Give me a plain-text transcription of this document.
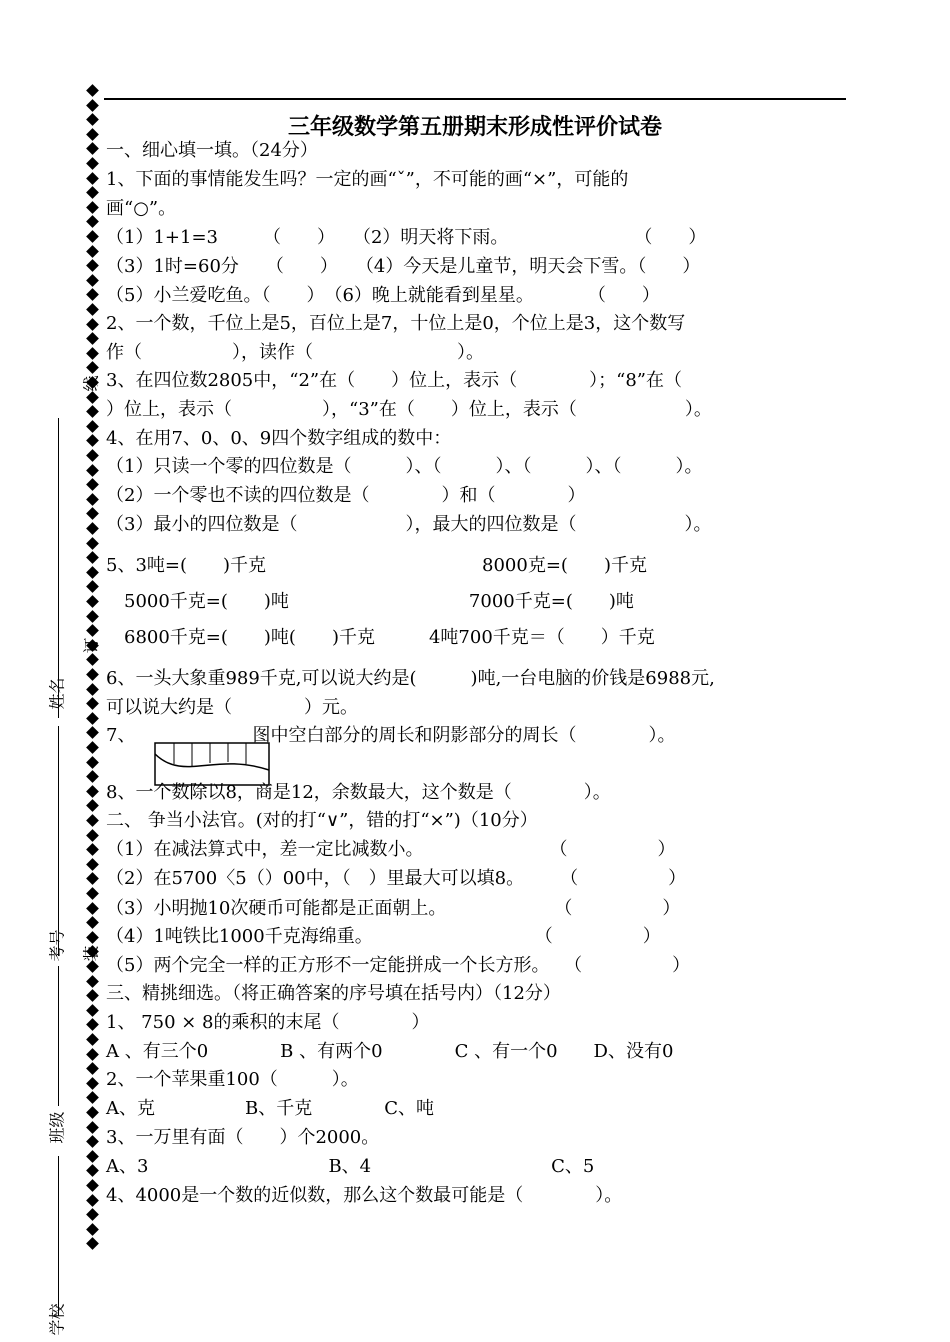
三年级数学第五册期末形成性评价试卷
线
订
装
姓名
考号
班级
学校
一、细心填一填。（24分）
1、下面的事情能发生吗？一定的画“ˇ”，不可能的画“×”，可能的
画“○”。
（1）1+1=3　　　（　　）　　（2）明天将下雨。　　　　　　　　（　　）
（3）1时=60分　　（　　）　　（4）今天是儿童节，明天会下雪。（　　）
（5）小兰爱吃鱼。（　　）　（6）晚上就能看到星星。　　　　（　　）
2、一个数，千位上是5，百位上是7，十位上是0，个位上是3，这个数写
作（　　　　　），读作（　　　　　　　　）。
3、在四位数2805中，“2”在（　　）位上，表示（　　　　）；“8”在（
）位上，表示（　　　　　），“3”在（　　）位上，表示（　　　　　　）。
4、在用7、0、0、9四个数字组成的数中：
（1）只读一个零的四位数是（　　　）、（　　　）、（　　　）、（　　　）。
（2）一个零也不读的四位数是（　　　　）和（　　　　）
（3）最小的四位数是（　　　　　　），最大的四位数是（　　　　　　）。
5、3吨=(　　)千克　　　　　　　　　　　　8000克=(　　)千克
　5000千克=(　　)吨　　　　　　　　　　7000千克=(　　)吨
　6800千克=(　　)吨(　　)千克　　　4吨700千克＝（　　）千克
6、一头大象重989千克,可以说大约是(　　　)吨,一台电脑的价钱是6988元,
可以说大约是（　　　　）元。
7、　　　　　　　图中空白部分的周长和阴影部分的周长（　　　　）。
8、一个数除以8，商是12，余数最大，这个数是（　　　　）。
二、 争当小法官。(对的打“∨”，错的打“×”)（10分）
（1）在减法算式中，差一定比减数小。　　　　　　　　（　　　　　）
（2）在5700〈5（）00中，（　）里最大可以填8。　　　（　　　　　）
（3）小明抛10次硬币可能都是正面朝上。　　　　　　　（　　　　　）
（4）1吨铁比1000千克海绵重。　　　　　　　　　　（　　　　　）
（5）两个完全一样的正方形不一定能拼成一个长方形。　 （　　　　　）
三、精挑细选。（将正确答案的序号填在括号内）（12分）
1、 750 × 8的乘积的末尾（　　　　）
A 、有三个0　　　　B 、有两个0　　　　C 、有一个0　　D、没有0
2、一个苹果重100（　　　）。
A、克　　　　　B、千克　　　　C、吨
3、一万里有面（　　）个2000。
A、3　　　　　　　　　　B、4　　　　　　　　　　C、5
4、4000是一个数的近似数，那么这个数最可能是（　　　　）。
